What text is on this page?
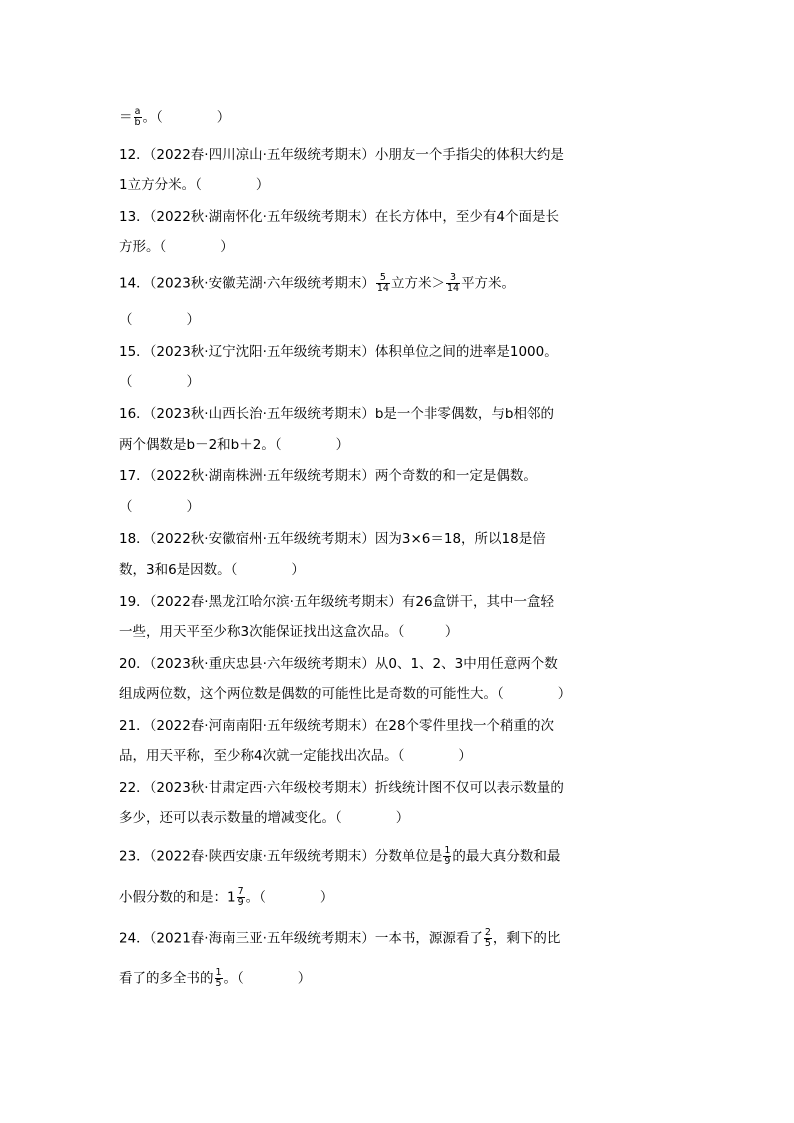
＝ $\frac{a}{b}$ 。（　　　　）
12．（2022春·四川凉山·五年级统考期末）小朋友一个手指尖的体积大约是
1立方分米。（　　　　）
13．（2022秋·湖南怀化·五年级统考期末）在长方体中，至少有4个面是长
方形。（　　　　）
14．（2023秋·安徽芜湖·六年级统考期末） $\frac{5}{14}$ 立方米＞ $\frac{3}{14}$ 平方米。
（　　　　）
15．（2023秋·辽宁沈阳·五年级统考期末）体积单位之间的进率是1000。
（　　　　）
16．（2023秋·山西长治·五年级统考期末）b是一个非零偶数，与b相邻的
两个偶数是b－2和b＋2。（　　　　）
17．（2022秋·湖南株洲·五年级统考期末）两个奇数的和一定是偶数。
（　　　　）
18．（2022秋·安徽宿州·五年级统考期末）因为3×6＝18，所以18是倍
数，3和6是因数。（　　　　）
19．（2022春·黑龙江哈尔滨·五年级统考期末）有26盒饼干，其中一盒轻
一些，用天平至少称3次能保证找出这盒次品。（　　　）
20．（2023秋·重庆忠县·六年级统考期末）从0、1、2、3中用任意两个数
组成两位数，这个两位数是偶数的可能性比是奇数的可能性大。（　　　　）
21．（2022春·河南南阳·五年级统考期末）在28个零件里找一个稍重的次
品，用天平称，至少称4次就一定能找出次品。（　　　　）
22．（2023秋·甘肃定西·六年级校考期末）折线统计图不仅可以表示数量的
多少，还可以表示数量的增减变化。（　　　　）
23．（2022春·陕西安康·五年级统考期末）分数单位是 $\frac{1}{9}$ 的最大真分数和最
小假分数的和是：$1 \frac{7}{9}$ 。（　　　　）
24．（2021春·海南三亚·五年级统考期末）一本书，源源看了 $\frac{2}{5}$ ，剩下的比
看了的多全书的 $\frac{1}{5}$ 。（　　　　）
